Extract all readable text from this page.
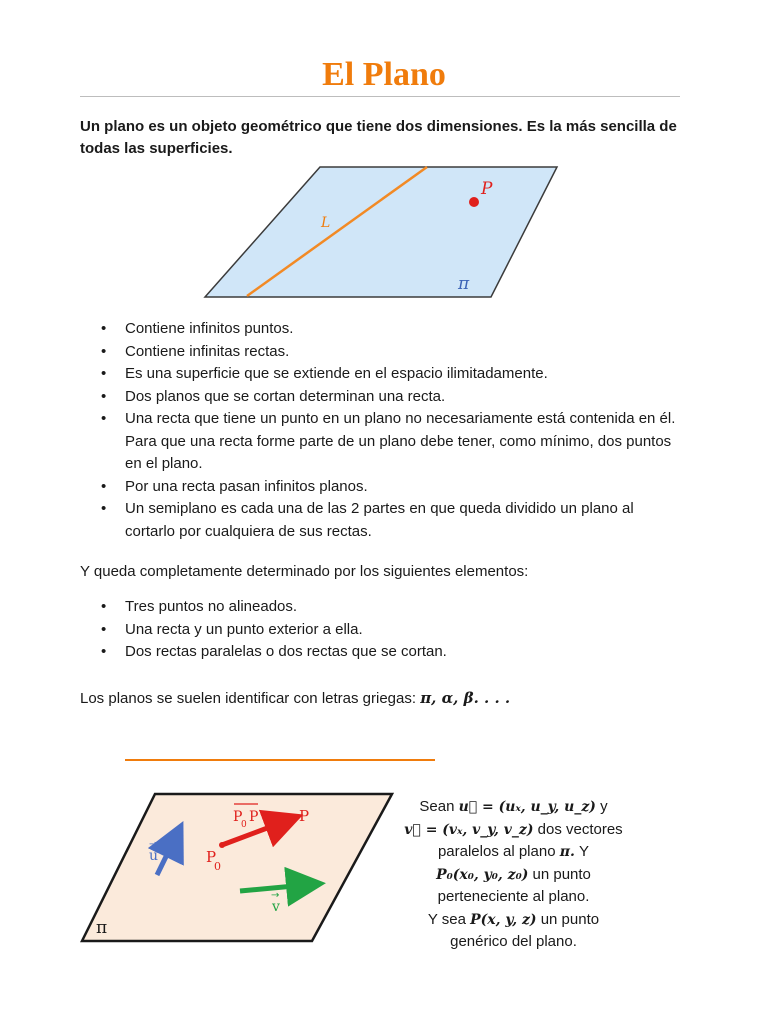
El Plano

Un plano es un objeto geométrico que tiene dos dimensiones. Es la más sencilla de todas las superficies.

L
P
π
• Contiene infinitos puntos.
• Contiene infinitas rectas.
• Es una superficie que se extiende en el espacio ilimitadamente.
• Dos planos que se cortan determinan una recta.
• Una recta que tiene un punto en un plano no necesariamente está contenida en él. Para que una recta forme parte de un plano debe tener, como mínimo, dos puntos en el plano.
• Por una recta pasan infinitos planos.
• Un semiplano es cada una de las 2 partes en que queda dividido un plano al cortarlo por cualquiera de sus rectas.

Y queda completamente determinado por los siguientes elementos:

• Tres puntos no alineados.
• Una recta y un punto exterior a ella.
• Dos rectas paralelas o dos rectas que se cortan.

Los planos se suelen identificar con letras griegas: π, α, β. . . .

u
→
P
0
P
P
0 P
v
→
π

Sean u⃗ = (uₓ, u_y, u_z) y

v⃗ = (vₓ, v_y, v_z) dos vectores

paralelos al plano π. Y

P₀(x₀, y₀, z₀) un punto

perteneciente al plano.

Y sea P(x, y, z) un punto

genérico del plano.
